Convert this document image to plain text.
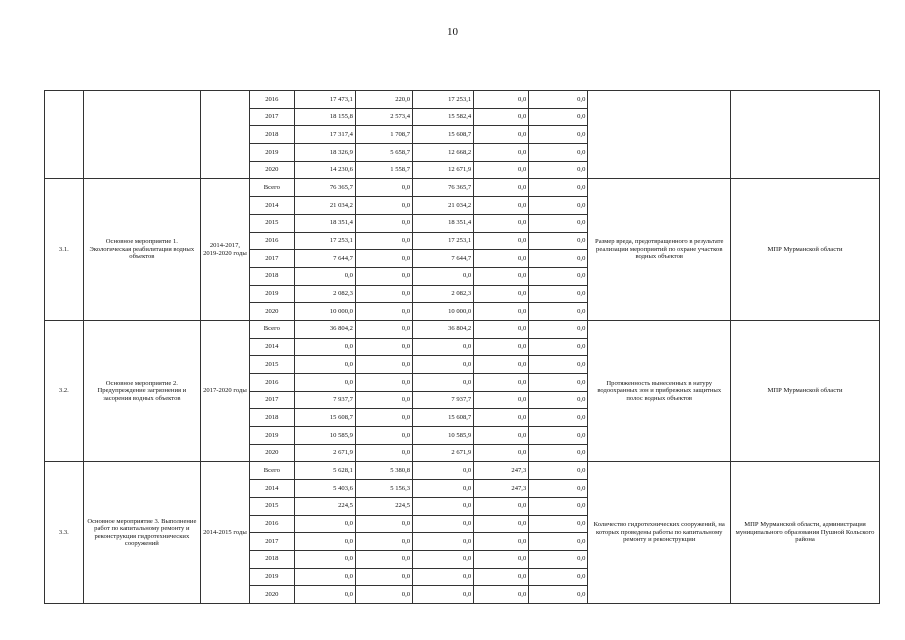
10
			2016	17 473,1	220,0	17 253,1	0,0	0,0		
			2017	18 155,8	2 573,4	15 582,4	0,0	0,0		
			2018	17 317,4	1 708,7	15 608,7	0,0	0,0		
			2019	18 326,9	5 658,7	12 668,2	0,0	0,0		
			2020	14 230,6	1 558,7	12 671,9	0,0	0,0		
3.1.	Основное мероприятие 1. Экологическая реабилитация водных объектов	2014-2017, 2019-2020 годы	Всего	76 365,7	0,0	76 365,7	0,0	0,0	Размер вреда, предотвращенного в результате реализации мероприятий по охране участков водных объектов	МПР Мурманской области
			2014	21 034,2	0,0	21 034,2	0,0	0,0		
			2015	18 351,4	0,0	18 351,4	0,0	0,0		
			2016	17 253,1	0,0	17 253,1	0,0	0,0		
			2017	7 644,7	0,0	7 644,7	0,0	0,0		
			2018	0,0	0,0	0,0	0,0	0,0		
			2019	2 082,3	0,0	2 082,3	0,0	0,0		
			2020	10 000,0	0,0	10 000,0	0,0	0,0		
3.2.	Основное мероприятие 2. Предупреждение загрязнения и засорения водных объектов	2017-2020 годы	Всего	36 804,2	0,0	36 804,2	0,0	0,0	Протяженность вынесенных в натуру водоохранных зон и прибрежных защитных полос водных объектов	МПР Мурманской области
			2014	0,0	0,0	0,0	0,0	0,0		
			2015	0,0	0,0	0,0	0,0	0,0		
			2016	0,0	0,0	0,0	0,0	0,0		
			2017	7 937,7	0,0	7 937,7	0,0	0,0		
			2018	15 608,7	0,0	15 608,7	0,0	0,0		
			2019	10 585,9	0,0	10 585,9	0,0	0,0		
			2020	2 671,9	0,0	2 671,9	0,0	0,0		
3.3.	Основное мероприятие 3. Выполнение работ по капитальному ремонту и реконструкция гидротехнических сооружений	2014-2015 годы	Всего	5 628,1	5 380,8	0,0	247,3	0,0	Количество гидротехнических сооружений, на которых проведены работы по капитальному ремонту и реконструкции	МПР Мурманской области, администрация муниципального образования Пушной Кольского района
			2014	5 403,6	5 156,3	0,0	247,3	0,0		
			2015	224,5	224,5	0,0	0,0	0,0		
			2016	0,0	0,0	0,0	0,0	0,0		
			2017	0,0	0,0	0,0	0,0	0,0		
			2018	0,0	0,0	0,0	0,0	0,0		
			2019	0,0	0,0	0,0	0,0	0,0		
			2020	0,0	0,0	0,0	0,0	0,0		
